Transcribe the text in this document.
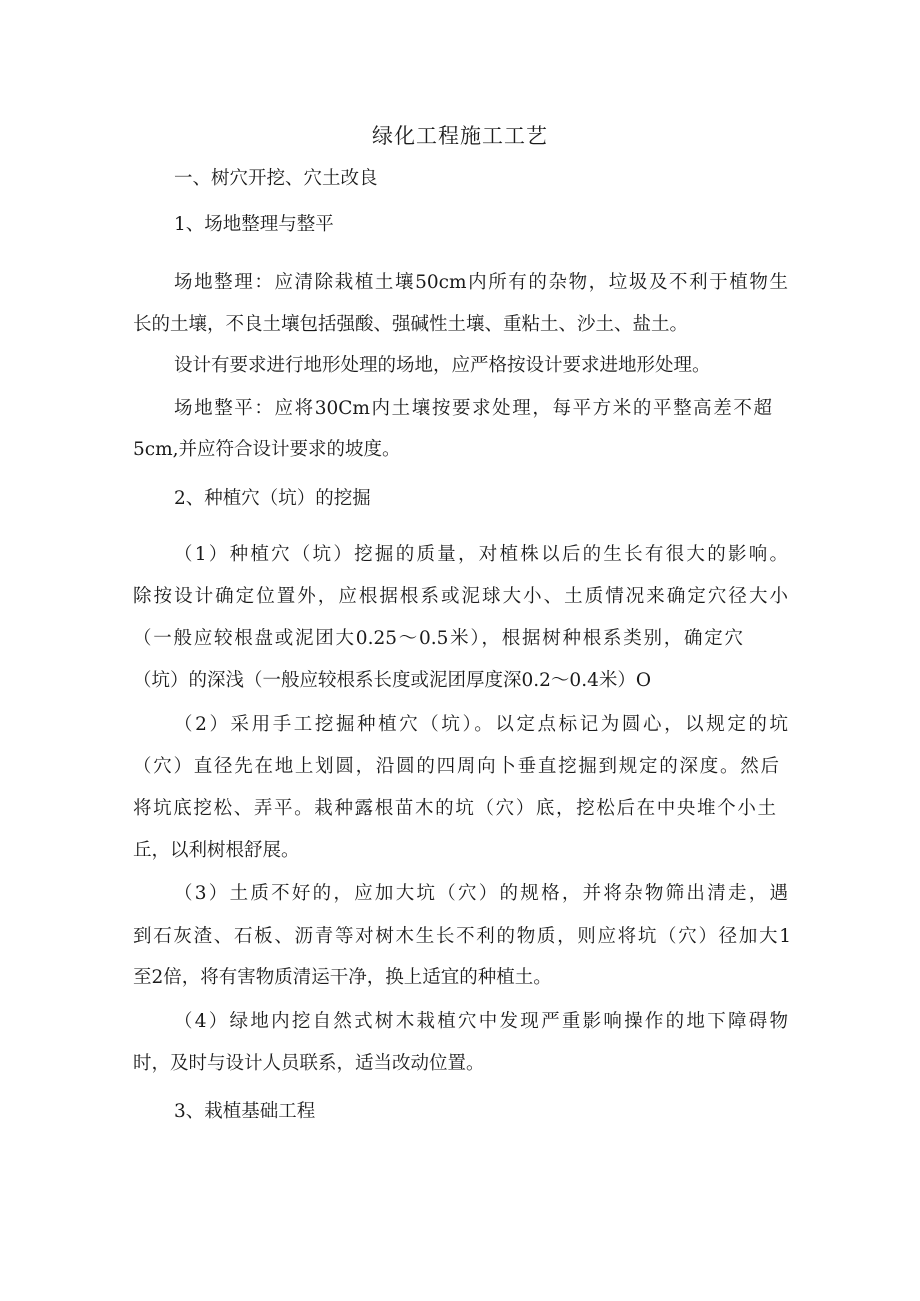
绿化工程施工工艺
一、树穴开挖、穴土改良
1、场地整理与整平
场地整理：应清除栽植土壤50cm内所有的杂物，垃圾及不利于植物生
长的土壤，不良土壤包括强酸、强碱性土壤、重粘土、沙土、盐土。
设计有要求进行地形处理的场地，应严格按设计要求进地形处理。
场地整平：应将30Cm内土壤按要求处理，每平方米的平整高差不超
5cm,并应符合设计要求的坡度。
2、种植穴（坑）的挖掘
（1）种植穴（坑）挖掘的质量，对植株以后的生长有很大的影响。
除按设计确定位置外，应根据根系或泥球大小、土质情况来确定穴径大小
（一般应较根盘或泥团大0.25～0.5米），根据树种根系类别，确定穴
（坑）的深浅（一般应较根系长度或泥团厚度深0.2～0.4米）O
（2）采用手工挖掘种植穴（坑）。以定点标记为圆心，以规定的坑
（穴）直径先在地上划圆，沿圆的四周向卜垂直挖掘到规定的深度。然后
将坑底挖松、弄平。栽种露根苗木的坑（穴）底，挖松后在中央堆个小土
丘，以利树根舒展。
（3）土质不好的，应加大坑（穴）的规格，并将杂物筛出清走，遇
到石灰渣、石板、沥青等对树木生长不利的物质，则应将坑（穴）径加大1
至2倍，将有害物质清运干净，换上适宜的种植土。
（4）绿地内挖自然式树木栽植穴中发现严重影响操作的地下障碍物
时，及时与设计人员联系，适当改动位置。
3、栽植基础工程
